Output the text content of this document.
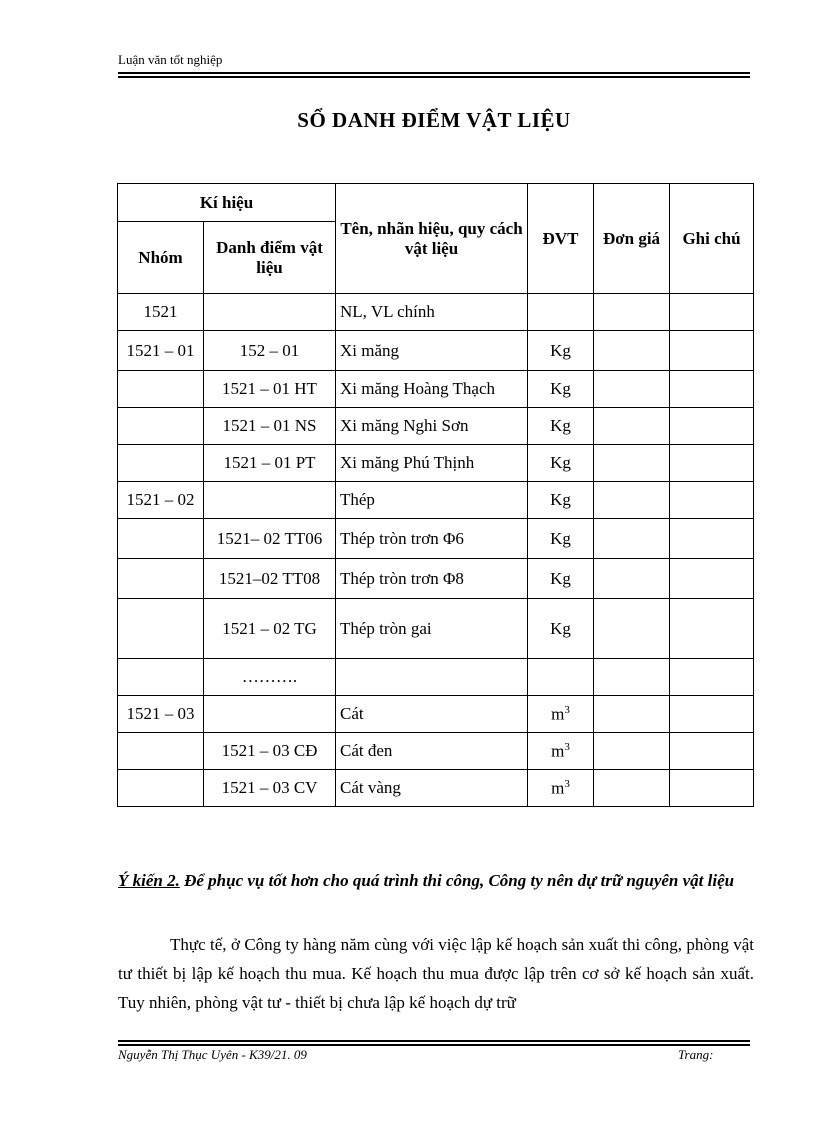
Luận văn tốt nghiệp
SỔ DANH ĐIỂM VẬT LIỆU
Kí hiệu		Tên, nhãn hiệu, quy cách vật liệu	ĐVT	Đơn giá	Ghi chú
Nhóm	Danh điểm vật liệu				
1521		NL, VL chính			
1521 – 01	152 – 01	Xi măng	Kg		
	1521 – 01 HT	Xi măng Hoàng Thạch	Kg		
	1521 – 01 NS	Xi măng Nghi Sơn	Kg		
	1521 – 01 PT	Xi măng Phú Thịnh	Kg		
1521 – 02		Thép	Kg		
	1521– 02 TT06	Thép tròn trơn Φ6	Kg		
	1521–02 TT08	Thép tròn trơn Φ8	Kg		
	1521 – 02 TG	Thép tròn gai	Kg		
	……….				
1521 – 03		Cát	$m^3$		
	1521 – 03 CĐ	Cát đen	$m^3$		
	1521 – 03 CV	Cát vàng	$m^3$		
Ý kiến 2. Để phục vụ tốt hơn cho quá trình thi công, Công ty nên dự trữ nguyên vật liệu

Thực tế, ở Công ty hàng năm cùng với việc lập kế hoạch sản xuất thi công, phòng vật tư thiết bị lập kế hoạch thu mua. Kế hoạch thu mua được lập trên cơ sở kế hoạch sản xuất. Tuy nhiên, phòng vật tư - thiết bị chưa lập kế hoạch dự trữ

Nguyễn Thị Thục Uyên - K39/21. 09	Trang:
